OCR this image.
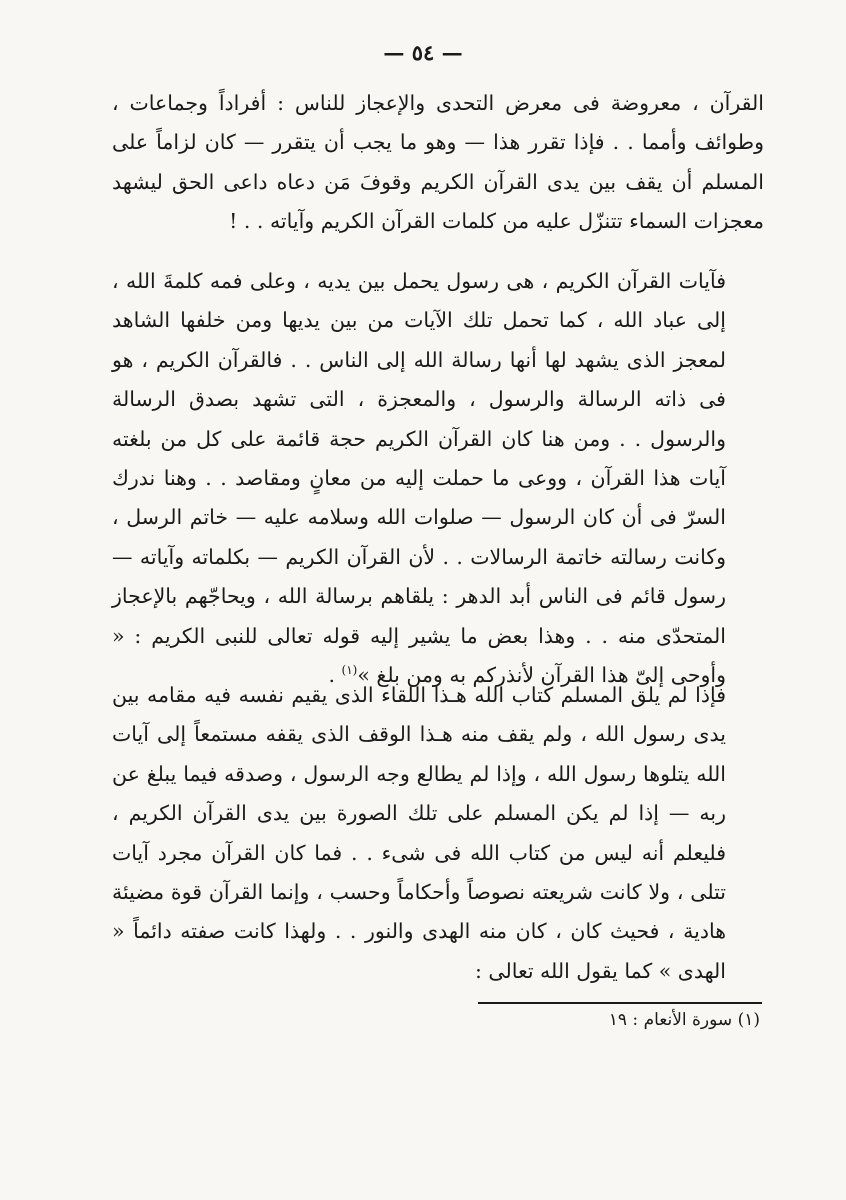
— ٥٤ —

القرآن ، معروضة فى معرض التحدى والإعجاز للناس : أفراداً وجماعات ، وطوائف وأمما . . فإذا تقرر هذا — وهو ما يجب أن يتقرر — كان لزاماً على المسلم أن يقف بين يدى القرآن الكريم وقوفَ مَن دعاه داعى الحق ليشهد معجزات السماء تتنزّل عليه من كلمات القرآن الكريم وآياته . . !

فآيات القرآن الكريم ، هى رسول يحمل بين يديه ، وعلى فمه كلمةَ الله ، إلى عباد الله ، كما تحمل تلك الآيات من بين يديها ومن خلفها الشاهد لمعجز الذى يشهد لها أنها رسالة الله إلى الناس . . فالقرآن الكريم ، هو فى ذاته الرسالة والرسول ، والمعجزة ، التى تشهد بصدق الرسالة والرسول . . ومن هنا كان القرآن الكريم حجة قائمة على كل من بلغته آيات هذا القرآن ، ووعى ما حملت إليه من معانٍ ومقاصد . . وهنا ندرك السرّ فى أن كان الرسول — صلوات الله وسلامه عليه — خاتم الرسل ، وكانت رسالته خاتمة الرسالات . . لأن القرآن الكريم — بكلماته وآياته — رسول قائم فى الناس أبد الدهر : يلقاهم برسالة الله ، ويحاجّهم بالإعجاز المتحدّى منه . . وهذا بعض ما يشير إليه قوله تعالى للنبى الكريم : « وأوحى إلىّ هذا القرآن لأنذركم به ومن بلغ »$^{(١)}$ .

فإذا لم يلق المسلم كتاب الله هـذا اللقاء الذى يقيم نفسه فيه مقامه بين يدى رسول الله ، ولم يقف منه هـذا الوقف الذى يقفه مستمعاً إلى آيات الله يتلوها رسول الله ، وإذا لم يطالع وجه الرسول ، وصدقه فيما يبلغ عن ربه — إذا لم يكن المسلم على تلك الصورة بين يدى القرآن الكريم ، فليعلم أنه ليس من كتاب الله فى شىء . . فما كان القرآن مجرد آيات تتلى ، ولا كانت شريعته نصوصاً وأحكاماً وحسب ، وإنما القرآن قوة مضيئة هادية ، فحيث كان ، كان منه الهدى والنور . . ولهذا كانت صفته دائماً « الهدى » كما يقول الله تعالى :

(١) سورة الأنعام : ١٩
